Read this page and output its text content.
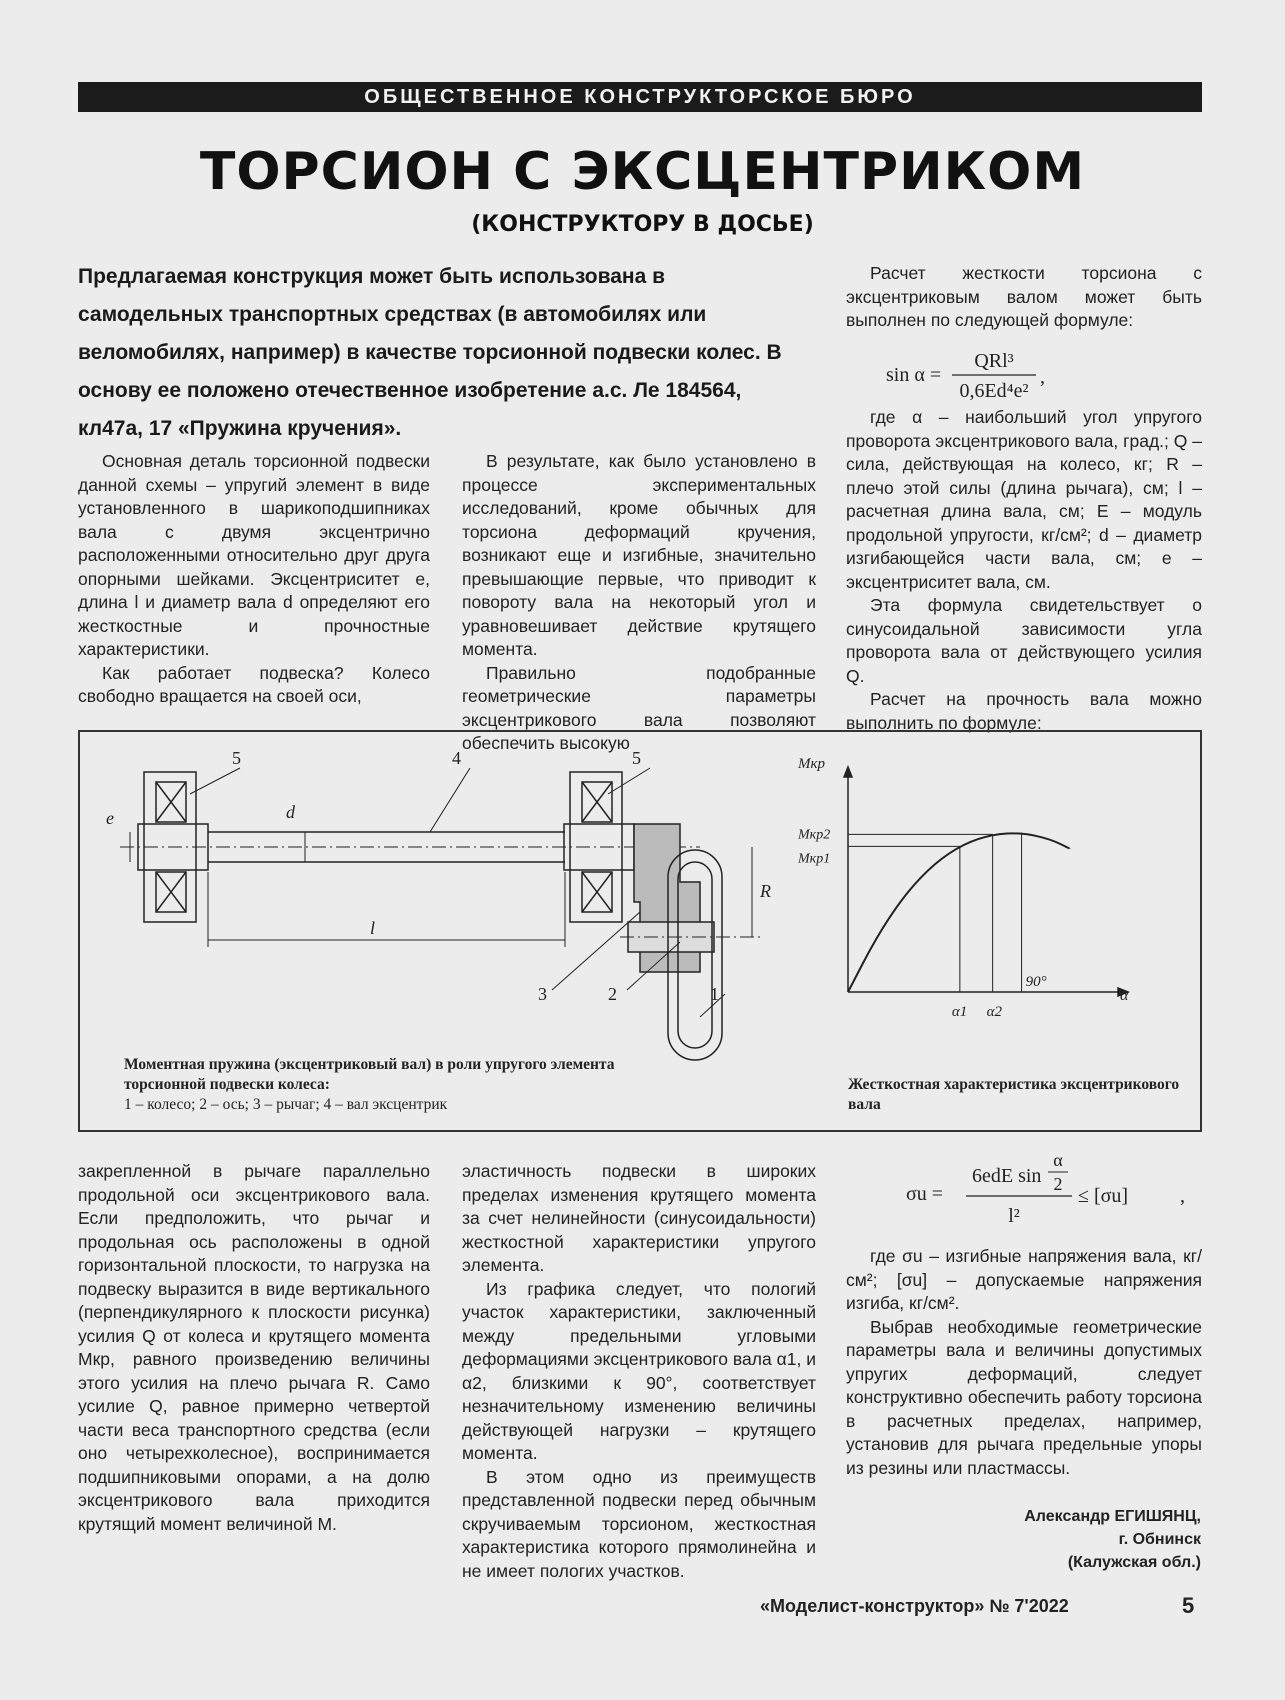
ОБЩЕСТВЕННОЕ КОНСТРУКТОРСКОЕ БЮРО
ТОРСИОН С ЭКСЦЕНТРИКОМ
(КОНСТРУКТОРУ В ДОСЬЕ)
Предлагаемая конструкция может быть использована в самодельных транспортных средствах (в автомобилях или веломобилях, например) в качестве торсионной подвески колес. В основу ее положено отечественное изобретение а.с. Ле 184564, кл47а, 17 «Пружина кручения».

Основная деталь торсионной подвески данной схемы – упругий элемент в виде установленного в шарикоподшипниках вала с двумя эксцентрично расположенными относительно друг друга опорными шейками. Эксцентриситет е, длина l и диаметр вала d определяют его жесткостные и прочностные характеристики.

Как работает подвеска? Колесо свободно вращается на своей оси,

В результате, как было установлено в процессе экспериментальных исследований, кроме обычных для торсиона деформаций кручения, возникают еще и изгибные, значительно превышающие первые, что приводит к повороту вала на некоторый угол и уравновешивает действие крутящего момента.

Правильно подобранные геометрические параметры эксцентрикового вала позволяют обеспечить высокую

Расчет жесткости торсиона с эксцентриковым валом может быть выполнен по следующей формуле:

sin α =
QRl³
0,6Ed⁴e²
,

где α – наибольший угол упругого проворота эксцентрикового вала, град.; Q – сила, действующая на колесо, кг; R – плечо этой силы (длина рычага), см; l – расчетная длина вала, см; Е – модуль продольной упругости, кг/см²; d – диаметр изгибающейся части вала, см; е – эксцентриситет вала, см.

Эта формула свидетельствует о синусоидальной зависимости угла проворота вала от действующего усилия Q.

Расчет на прочность вала можно выполнить по формуле:

5	4	5
3	2	1
e	d
l
R
Mкр
α
Mкр2
Mкр1
α1 α2
90°
Моментная пружина (эксцентриковый вал) в роли упругого элемента торсионной подвески колеса:
1 – колесо; 2 – ось; 3 – рычаг; 4 – вал эксцентрик
Жесткостная характеристика эксцентрикового вала

закрепленной в рычаге параллельно продольной оси эксцентрикового вала. Если предположить, что рычаг и продольная ось расположены в одной горизонтальной плоскости, то нагрузка на подвеску выразится в виде вертикального (перпендикулярного к плоскости рисунка) усилия Q от колеса и крутящего момента Мкр, равного произведению величины этого усилия на плечо рычага R. Само усилие Q, равное примерно четвертой части веса транспортного средства (если оно четырехколесное), воспринимается подшипниковыми опорами, а на долю эксцентрикового вала приходится крутящий момент величиной М.

эластичность подвески в широких пределах изменения крутящего момента за счет нелинейности (синусоидальности) жесткостной характеристики упругого элемента.

Из графика следует, что пологий участок характеристики, заключенный между предельными угловыми деформациями эксцентрикового вала α1, и α2, близкими к 90°, соответствует незначительному изменению величины действующей нагрузки – крутящего момента.

В этом одно из преимуществ представленной подвески перед обычным скручиваемым торсионом, жесткостная характеристика которого прямолинейна и не имеет пологих участков.

σu =
6edE sin
α
2
l²
≤ [σu]	,

где σu – изгибные напряжения вала, кг/см²; [σu] – допускаемые напряжения изгиба, кг/см².

Выбрав необходимые геометрические параметры вала и величины допустимых упругих деформаций, следует конструктивно обеспечить работу торсиона в расчетных пределах, например, установив для рычага предельные упоры из резины или пластмассы.

Александр ЕГИШЯНЦ,
г. Обнинск
(Калужская обл.)
«Моделист-конструктор» № 7'2022	5
